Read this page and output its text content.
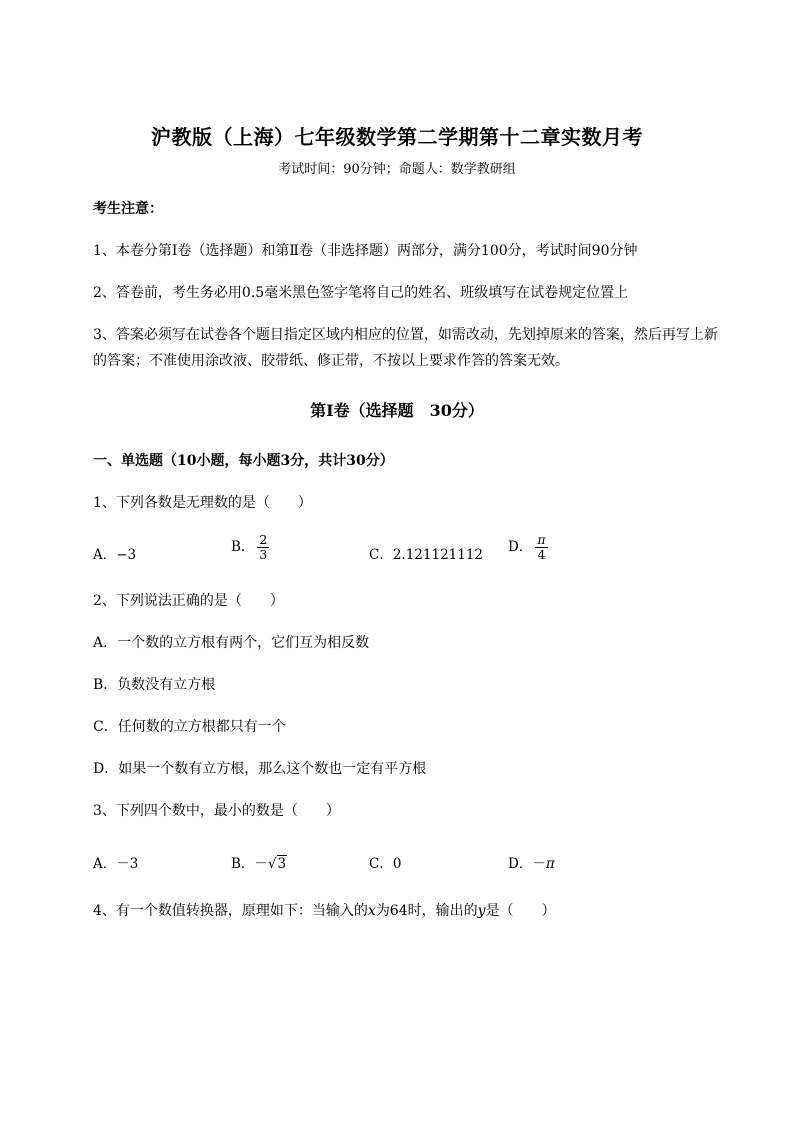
沪教版（上海）七年级数学第二学期第十二章实数月考
考试时间：90分钟；命题人：数学教研组
考生注意：
1、本卷分第I卷（选择题）和第Ⅱ卷（非选择题）两部分，满分100分，考试时间90分钟
2、答卷前，考生务必用0.5毫米黑色签字笔将自己的姓名、班级填写在试卷规定位置上
3、答案必须写在试卷各个题目指定区域内相应的位置，如需改动，先划掉原来的答案，然后再写上新
的答案；不准使用涂改液、胶带纸、修正带，不按以上要求作答的答案无效。
第I卷（选择题　30分）
一、单选题（10小题，每小题3分，共计30分）
1、下列各数是无理数的是（　　）
A．−3	B． $\frac{2}{3}$	C．2.121121112 D． $\frac{\pi}{4}$
2、下列说法正确的是（　　）
A．一个数的立方根有两个，它们互为相反数
B．负数没有立方根
C．任何数的立方根都只有一个
D．如果一个数有立方根，那么这个数也一定有平方根
3、下列四个数中，最小的数是（　　）
A．－3	B．－√3	C．0	D．－π
4、有一个数值转换器，原理如下：当输入的x为64时，输出的y是（　　）
